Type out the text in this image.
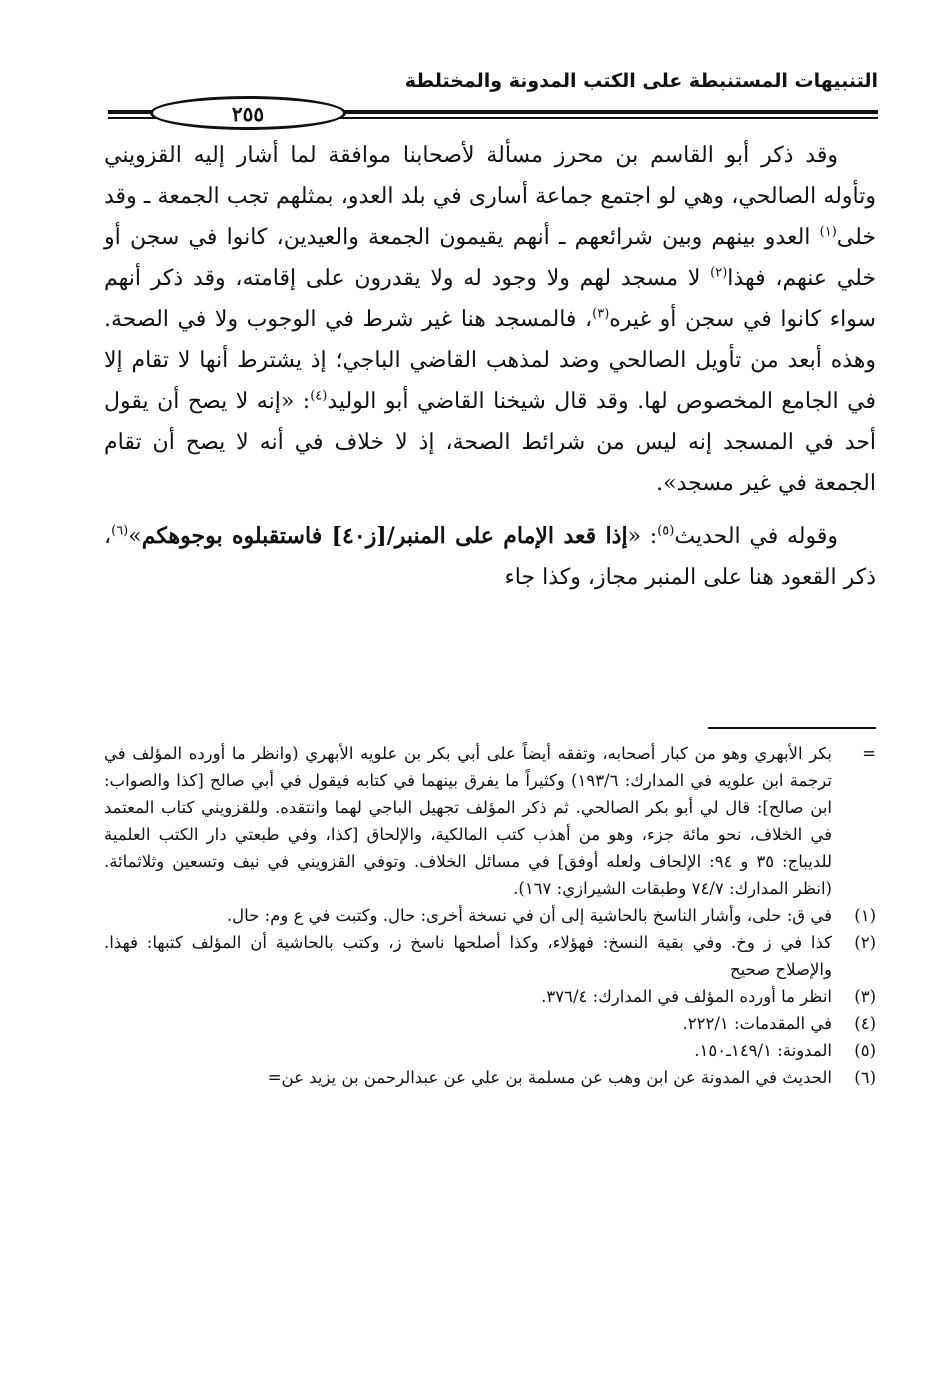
التنبيهات المستنبطة على الكتب المدونة والمختلطة
٢٥٥

وقد ذكر أبو القاسم بن محرز مسألة لأصحابنا موافقة لما أشار إليه القزويني وتأوله الصالحي، وهي لو اجتمع جماعة أسارى في بلد العدو، بمثلهم تجب الجمعة ـ وقد خلى$^{(١)}$ العدو بينهم وبين شرائعهم ـ أنهم يقيمون الجمعة والعيدين، كانوا في سجن أو خلي عنهم، فهذا$^{(٢)}$ لا مسجد لهم ولا وجود له ولا يقدرون على إقامته، وقد ذكر أنهم سواء كانوا في سجن أو غيره$^{(٣)}$، فالمسجد هنا غير شرط في الوجوب ولا في الصحة. وهذه أبعد من تأويل الصالحي وضد لمذهب القاضي الباجي؛ إذ يشترط أنها لا تقام إلا في الجامع المخصوص لها. وقد قال شيخنا القاضي أبو الوليد$^{(٤)}$: «إنه لا يصح أن يقول أحد في المسجد إنه ليس من شرائط الصحة، إذ لا خلاف في أنه لا يصح أن تقام الجمعة في غير مسجد».

وقوله في الحديث$^{(٥)}$: «إذا قعد الإمام على المنبر/[ز٤٠] فاستقبلوه بوجوهكم»$^{(٦)}$، ذكر القعود هنا على المنبر مجاز، وكذا جاء

=
بكر الأبهري وهو من كبار أصحابه، وتفقه أيضاً على أبي بكر بن علويه الأبهري (وانظر ما أورده المؤلف في ترجمة ابن علويه في المدارك: ١٩٣/٦) وكثيراً ما يفرق بينهما في كتابه فيقول في أبي صالح [كذا والصواب: ابن صالح]: قال لي أبو بكر الصالحي. ثم ذكر المؤلف تجهيل الباجي لهما وانتقده. وللقزويني كتاب المعتمد في الخلاف، نحو مائة جزء، وهو من أهذب كتب المالكية، والإلحاق [كذا، وفي طبعتي دار الكتب العلمية للديباج: ٣٥ و ٩٤: الإلحاف ولعله أوفق] في مسائل الخلاف. وتوفي القزويني في نيف وتسعين وثلاثمائة. (انظر المدارك: ٧٤/٧ وطبقات الشيرازي: ١٦٧).
(١)
في ق: حلى، وأشار الناسخ بالحاشية إلى أن في نسخة أخرى: حال. وكتبت في ع وم: حال.
(٢)
كذا في ز وخ. وفي بقية النسخ: فهؤلاء، وكذا أصلحها ناسخ ز، وكتب بالحاشية أن المؤلف كتبها: فهذا. والإصلاح صحيح
(٣)
انظر ما أورده المؤلف في المدارك: ٣٧٦/٤.
(٤)
في المقدمات: ٢٢٢/١.
(٥)
المدونة: ١٤٩/١ـ١٥٠.
(٦)
الحديث في المدونة عن ابن وهب عن مسلمة بن علي عن عبدالرحمن بن يزيد عن=
